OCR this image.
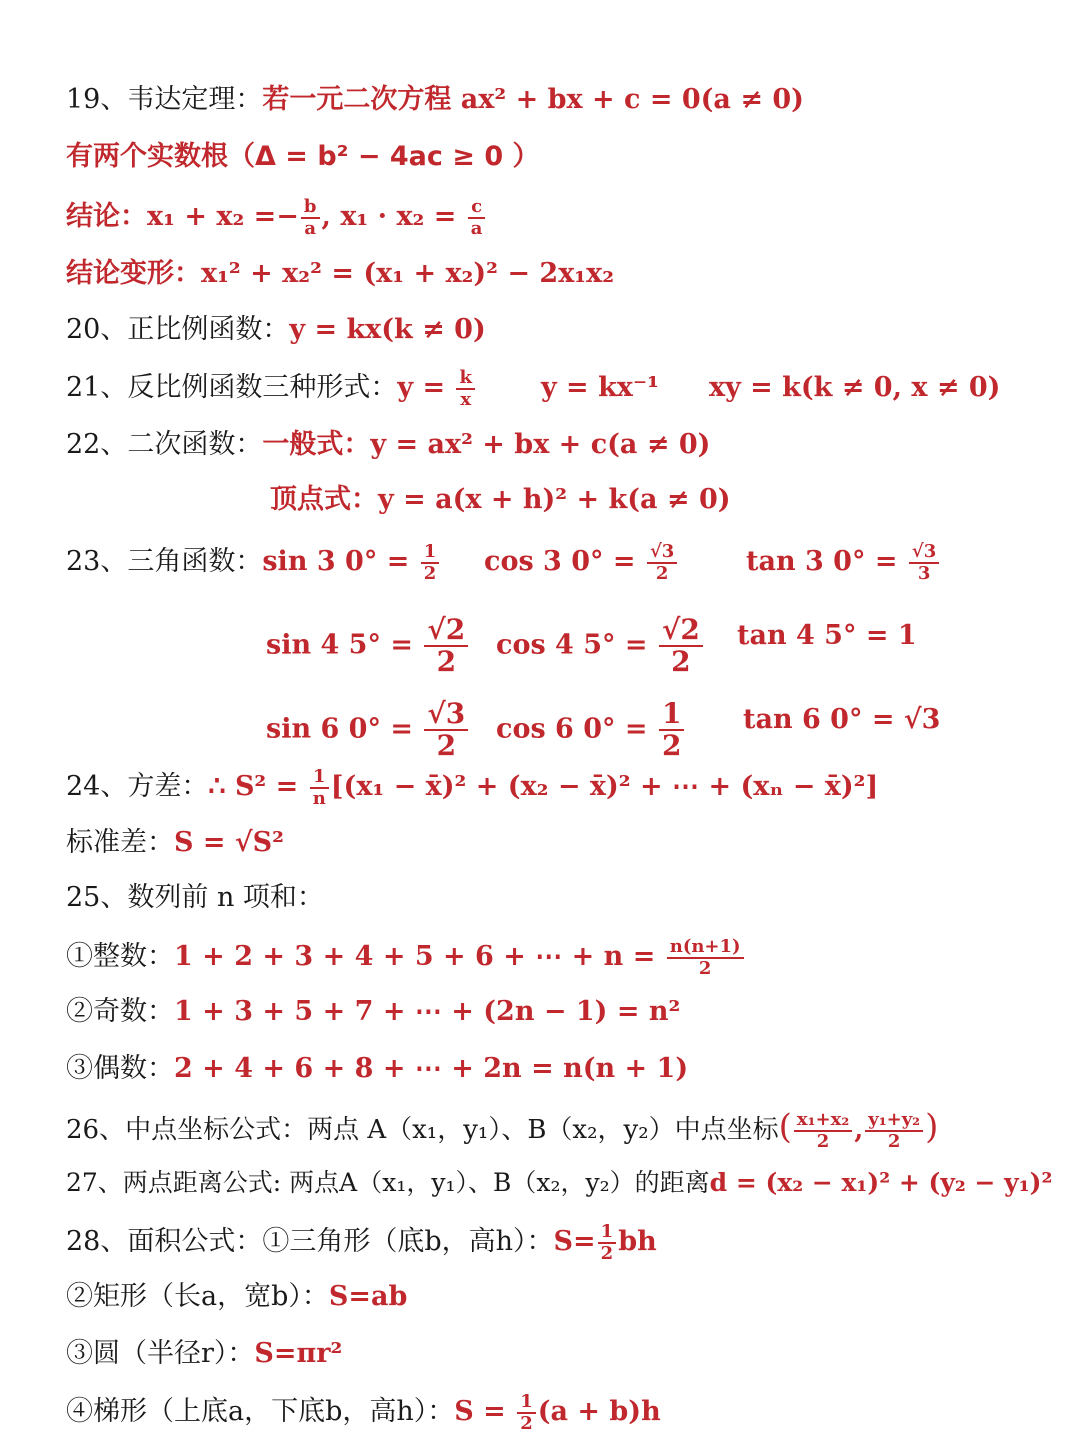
19、韦达定理：若一元二次方程 ax² + bx + c = 0(a ≠ 0)
有两个实数根（Δ = b² − 4ac ≥ 0 ）
结论：$x_1 + x_2 =- \frac{b}{a}$ , $x_1 \cdot x_2 = \frac{c}{a}$
结论变形：x₁² + x₂² = (x₁ + x₂)² − 2x₁x₂
20、正比例函数：y = kx(k ≠ 0)
21、反比例函数三种形式：$y = \frac{k}{x}$ y = kx⁻¹ xy = k(k ≠ 0, x ≠ 0)
22、二次函数：一般式：y = ax² + bx + c(a ≠ 0)
顶点式：y = a(x + h)² + k(a ≠ 0)
23、三角函数：sin 3 $0^\circ = \frac{1}{2}$ cos 3 $0^\circ = \frac{√3}{2}$	tan 3 $0^\circ = \frac{√3}{3}$
sin 4 $5^\circ = \frac{√2}{2}$ cos 4 $5^\circ = \frac{√2}{2}$ tan 4 5° = 1
sin 6 $0^\circ = \frac{√3}{2}$ cos 6 $0^\circ = \frac{1}{2}$ tan 6 0° = √3
24、方差：∴ $S^2 = \frac{1}{n} [(x_1$ − x̄)² + (x₂ − x̄)² + ⋯ + (xₙ − x̄)²]
标准差：S = √S²
25、数列前 n 项和：
①整数：1 + 2 + 3 + 4 + 5 + 6 + ⋯ + $n = \frac{n(n+1)}{2}$
②奇数：1 + 3 + 5 + 7 + ⋯ + (2n − 1) = n²
③偶数：2 + 4 + 6 + 8 + ⋯ + 2n = n(n + 1)
26、中点坐标公式：两点 A（x₁，y₁）、B（x₂，y₂）中点坐标( $\frac{\text{x₁+x₂}}{2}$ , $\frac{\text{y₁+y₂}}{2}$ )
27、两点距离公式: 两点A（x₁，y₁）、B（x₂，y₂）的距离d = (x₂ − x₁)² + (y₂ − y₁)²
28、面积公式：①三角形（底b，高h）：$S= \frac{1}{2}$ bh
②矩形（长a，宽b）：S=ab
③圆（半径r）：S=πr²
④梯形（上底a，下底b，高h）：$S = \frac{1}{2} (a + b)h$
